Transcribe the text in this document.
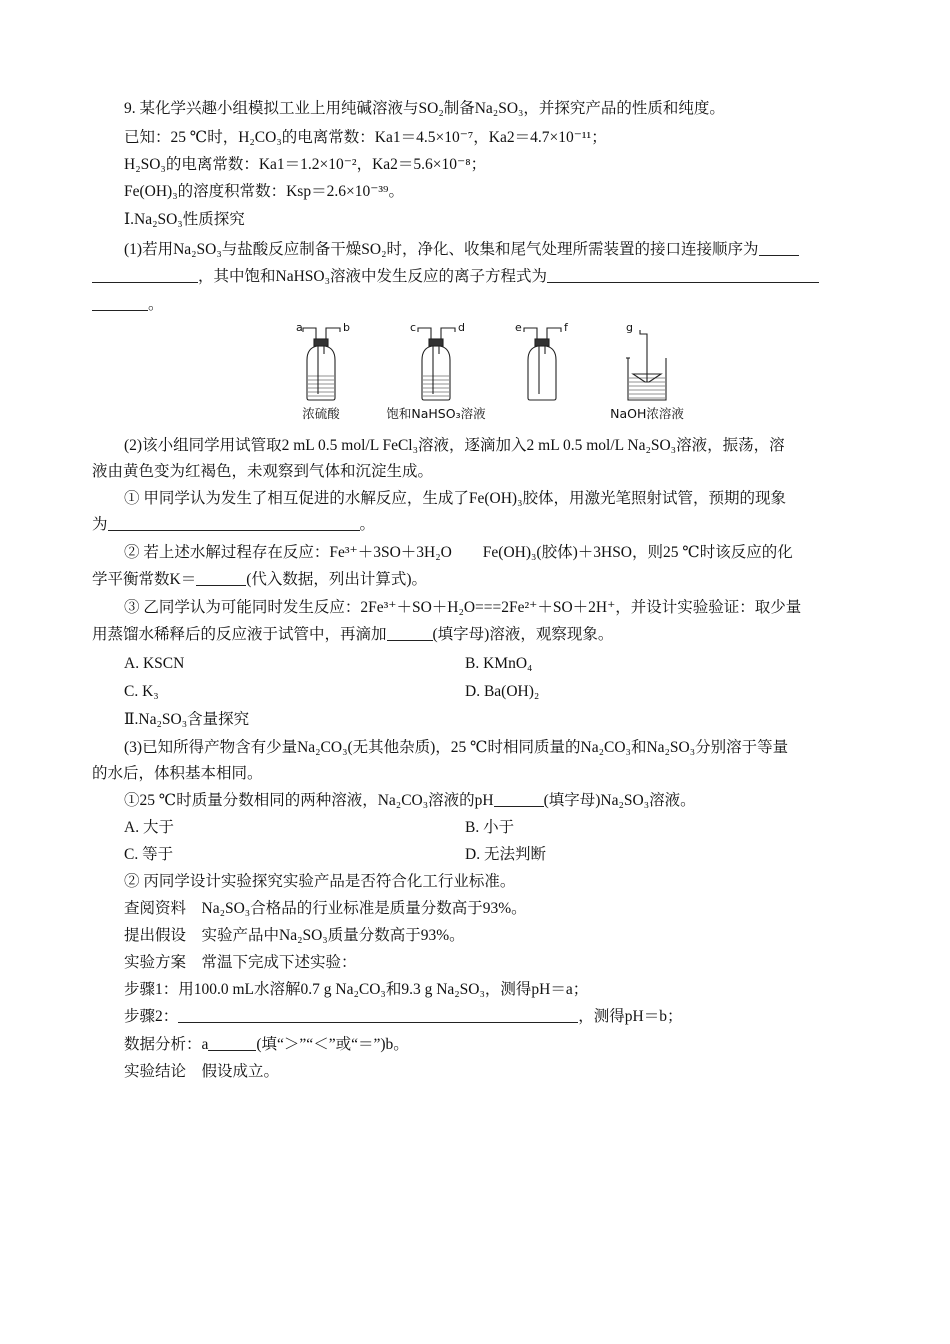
9. 某化学兴趣小组模拟工业上用纯碱溶液与SO₂制备Na₂SO₃，并探究产品的性质和纯度。
已知：25 ℃时，H₂CO₃的电离常数：Ka1＝4.5×10⁻⁷，Ka2＝4.7×10⁻¹¹；
H₂SO₃的电离常数：Ka1＝1.2×10⁻²，Ka2＝5.6×10⁻⁸；
Fe(OH)₃的溶度积常数：Ksp＝2.6×10⁻³⁹。
Ⅰ.Na₂SO₃性质探究
(1)若用Na₂SO₃与盐酸反应制备干燥SO₂时，净化、收集和尾气处理所需装置的接口连接顺序为
，其中饱和NaHSO₃溶液中发生反应的离子方程式为
。
a	b	c	d	e	f	g
浓硫酸	饱和NaHSO₃溶液	NaOH浓溶液
(2)该小组同学用试管取2 mL 0.5 mol/L FeCl₃溶液，逐滴加入2 mL 0.5 mol/L Na₂SO₃溶液，振荡，溶
液由黄色变为红褐色，未观察到气体和沉淀生成。
① 甲同学认为发生了相互促进的水解反应，生成了Fe(OH)₃胶体，用激光笔照射试管，预期的现象
为	。
② 若上述水解过程存在反应：Fe³⁺＋3SO＋3H₂O　　Fe(OH)₃(胶体)＋3HSO，则25 ℃时该反应的化
学平衡常数K＝	(代入数据，列出计算式)。
③ 乙同学认为可能同时发生反应：2Fe³⁺＋SO＋H₂O===2Fe²⁺＋SO＋2H⁺，并设计实验验证：取少量
用蒸馏水稀释后的反应液于试管中，再滴加	(填字母)溶液，观察现象。
A. KSCN	B. KMnO₄
C. K₃	D. Ba(OH)₂
Ⅱ.Na₂SO₃含量探究
(3)已知所得产物含有少量Na₂CO₃(无其他杂质)，25 ℃时相同质量的Na₂CO₃和Na₂SO₃分别溶于等量
的水后，体积基本相同。
①25 ℃时质量分数相同的两种溶液，Na₂CO₃溶液的pH	(填字母)Na₂SO₃溶液。
A. 大于	B. 小于
C. 等于	D. 无法判断
② 丙同学设计实验探究实验产品是否符合化工行业标准。
查阅资料　Na₂SO₃合格品的行业标准是质量分数高于93%。
提出假设　实验产品中Na₂SO₃质量分数高于93%。
实验方案　常温下完成下述实验：
步骤1：用100.0 mL水溶解0.7 g Na₂CO₃和9.3 g Na₂SO₃，测得pH＝a；
步骤2：	，测得pH＝b；
数据分析：a	(填“＞”“＜”或“＝”)b。
实验结论　假设成立。
